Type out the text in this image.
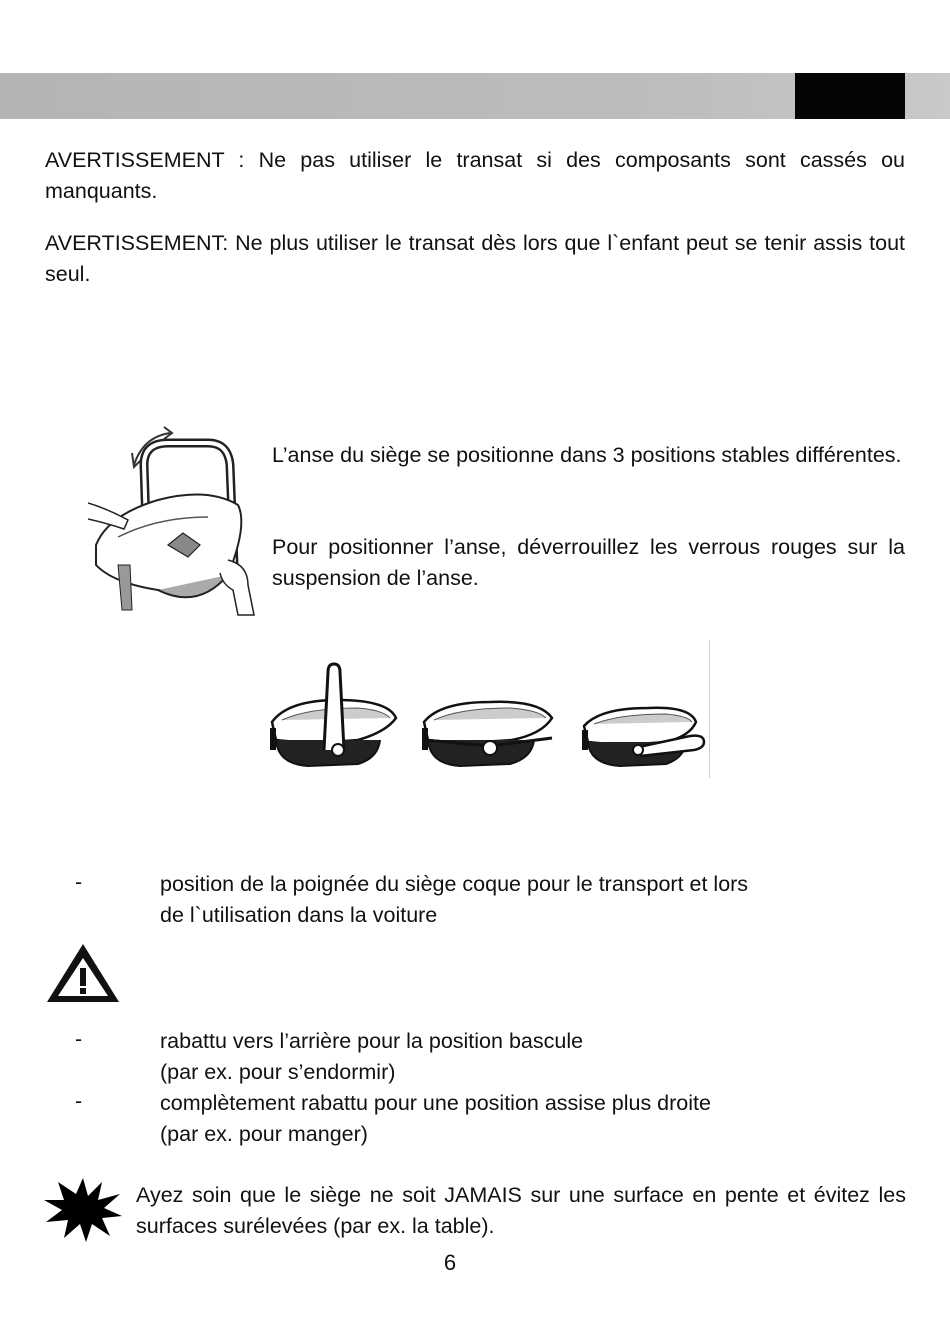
AVERTISSEMENT : Ne pas utiliser le transat si des composants sont cassés ou manquants.

AVERTISSEMENT: Ne plus utiliser le transat dès lors que l`enfant peut se tenir assis tout seul.

L’anse du siège se positionne dans 3 positions stables différentes.

Pour positionner l’anse, déverrouillez les verrous rouges sur la suspension de l’anse.

-	position de la poignée du siège coque pour le transport et lors
de l`utilisation dans la voiture
-	rabattu vers l’arrière pour la position bascule
(par ex. pour s’endormir)
-	complètement rabattu pour une position assise plus droite
(par ex. pour manger)
Ayez soin que le siège ne soit JAMAIS sur une surface en pente et évitez les surfaces surélevées (par ex. la table).
6
